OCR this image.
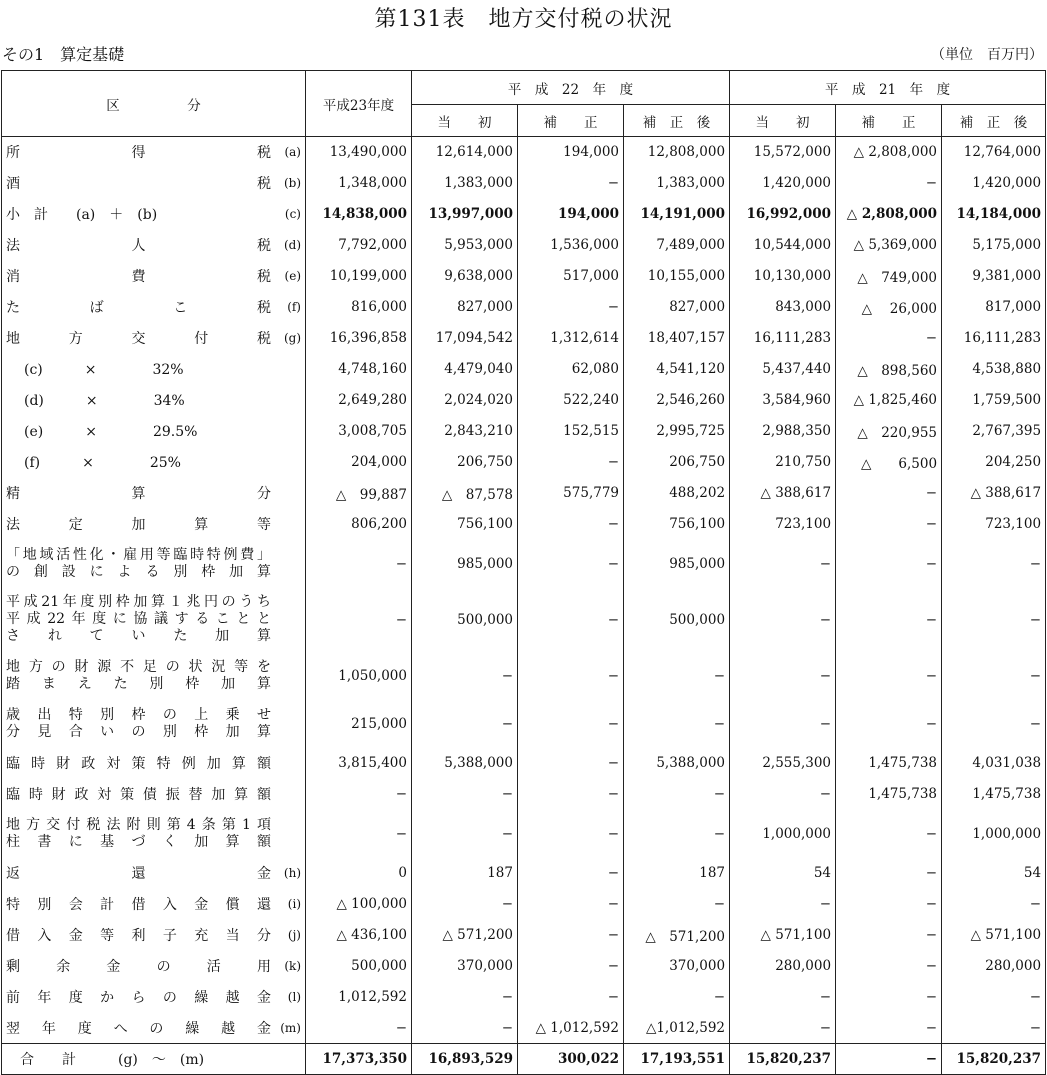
第131表　地方交付税の状況
その1　算定基礎	（単位　百万円）
区　　　　　分	平成23年度	平　成　22　年　度			平　成　21　年　度		
		当　　初	補　　正	補　正　後	当　　初	補　　正	補　正　後

所得税 (a)	13,490,000	12,614,000	194,000	12,808,000	15,572,000	△ 2,808,000	12,764,000

酒税 (b)	1,348,000	1,383,000	−	1,383,000	1,420,000	−	1,420,000
小　計　　(a)　＋　(b) (c)	14,838,000	13,997,000	194,000	14,191,000	16,992,000	△ 2,808,000	14,184,000

法人税 (d)	7,792,000	5,953,000	1,536,000	7,489,000	10,544,000	△ 5,369,000	5,175,000

消費税 (e)	10,199,000	9,638,000	517,000	10,155,000	10,130,000	△　749,000	9,381,000

たばこ税 (f)	816,000	827,000	−	827,000	843,000	△　 26,000	817,000

地方交付税 (g)	16,396,858	17,094,542	1,312,614	18,407,157	16,111,283	−	16,111,283
(c)　　　×　　　　32%	4,748,160	4,479,040	62,080	4,541,120	5,437,440	△　898,560	4,538,880
(d)　　　×　　　　34%	2,649,280	2,024,020	522,240	2,546,260	3,584,960	△ 1,825,460	1,759,500
(e)　　　×　　　　29.5%	3,008,705	2,843,210	152,515	2,995,725	2,988,350	△　220,955	2,767,395
(f)　　　×　　　　25%	204,000	206,750	−	206,750	210,750	△　　6,500	204,250

精算分	△　99,887	△　87,578	575,779	488,202	△ 388,617	−	△ 388,617

法定加算等	806,200	756,100	−	756,100	723,100	−	723,100

「地域活性化・雇用等臨時特例費」
の創設による別枠加算	−	985,000	−	985,000	−	−	−

平成21年度別枠加算１兆円のうち
平成22年度に協議することと
されていた加算	−	500,000	−	500,000	−	−	−

地方の財源不足の状況等を
踏まえた別枠加算	1,050,000	−	−	−	−	−	−

歳出特別枠の上乗せ
分見合いの別枠加算	215,000	−	−	−	−	−	−

臨時財政対策特例加算額	3,815,400	5,388,000	−	5,388,000	2,555,300	1,475,738	4,031,038

臨時財政対策債振替加算額	−	−	−	−	−	1,475,738	1,475,738

地方交付税法附則第4条第1項
柱書に基づく加算額	−	−	−	−	1,000,000	−	1,000,000

返還金 (h)	0	187	−	187	54	−	54

特別会計借入金償還 (i)	△ 100,000	−	−	−	−	−	−

借入金等利子充当分 (j)	△ 436,100	△ 571,200	−	△　571,200	△ 571,100	−	△ 571,100

剰余金の活用 (k)	500,000	370,000	−	370,000	280,000	−	280,000

前年度からの繰越金 (l)	1,012,592	−	−	−	−	−	−

翌年度への繰越金 (m)	−	−	△ 1,012,592	△1,012,592	−	−	−
　合　　計　　　(g)　〜　(m)	17,373,350	16,893,529	300,022	17,193,551	15,820,237	−	15,820,237
